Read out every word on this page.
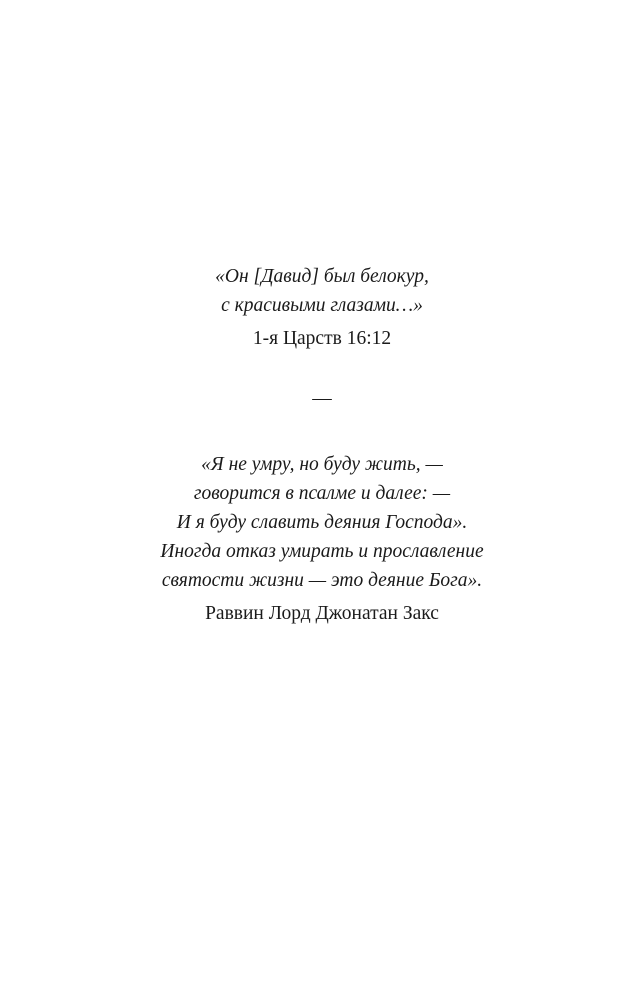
«Он [Давид] был белокур,
с красивыми глазами…»
1-я Царств 16:12
—
«Я не умру, но буду жить, —
говорится в псалме и далее: —
И я буду славить деяния Господа».
Иногда отказ умирать и прославление
святости жизни — это деяние Бога».
Раввин Лорд Джонатан Закс
